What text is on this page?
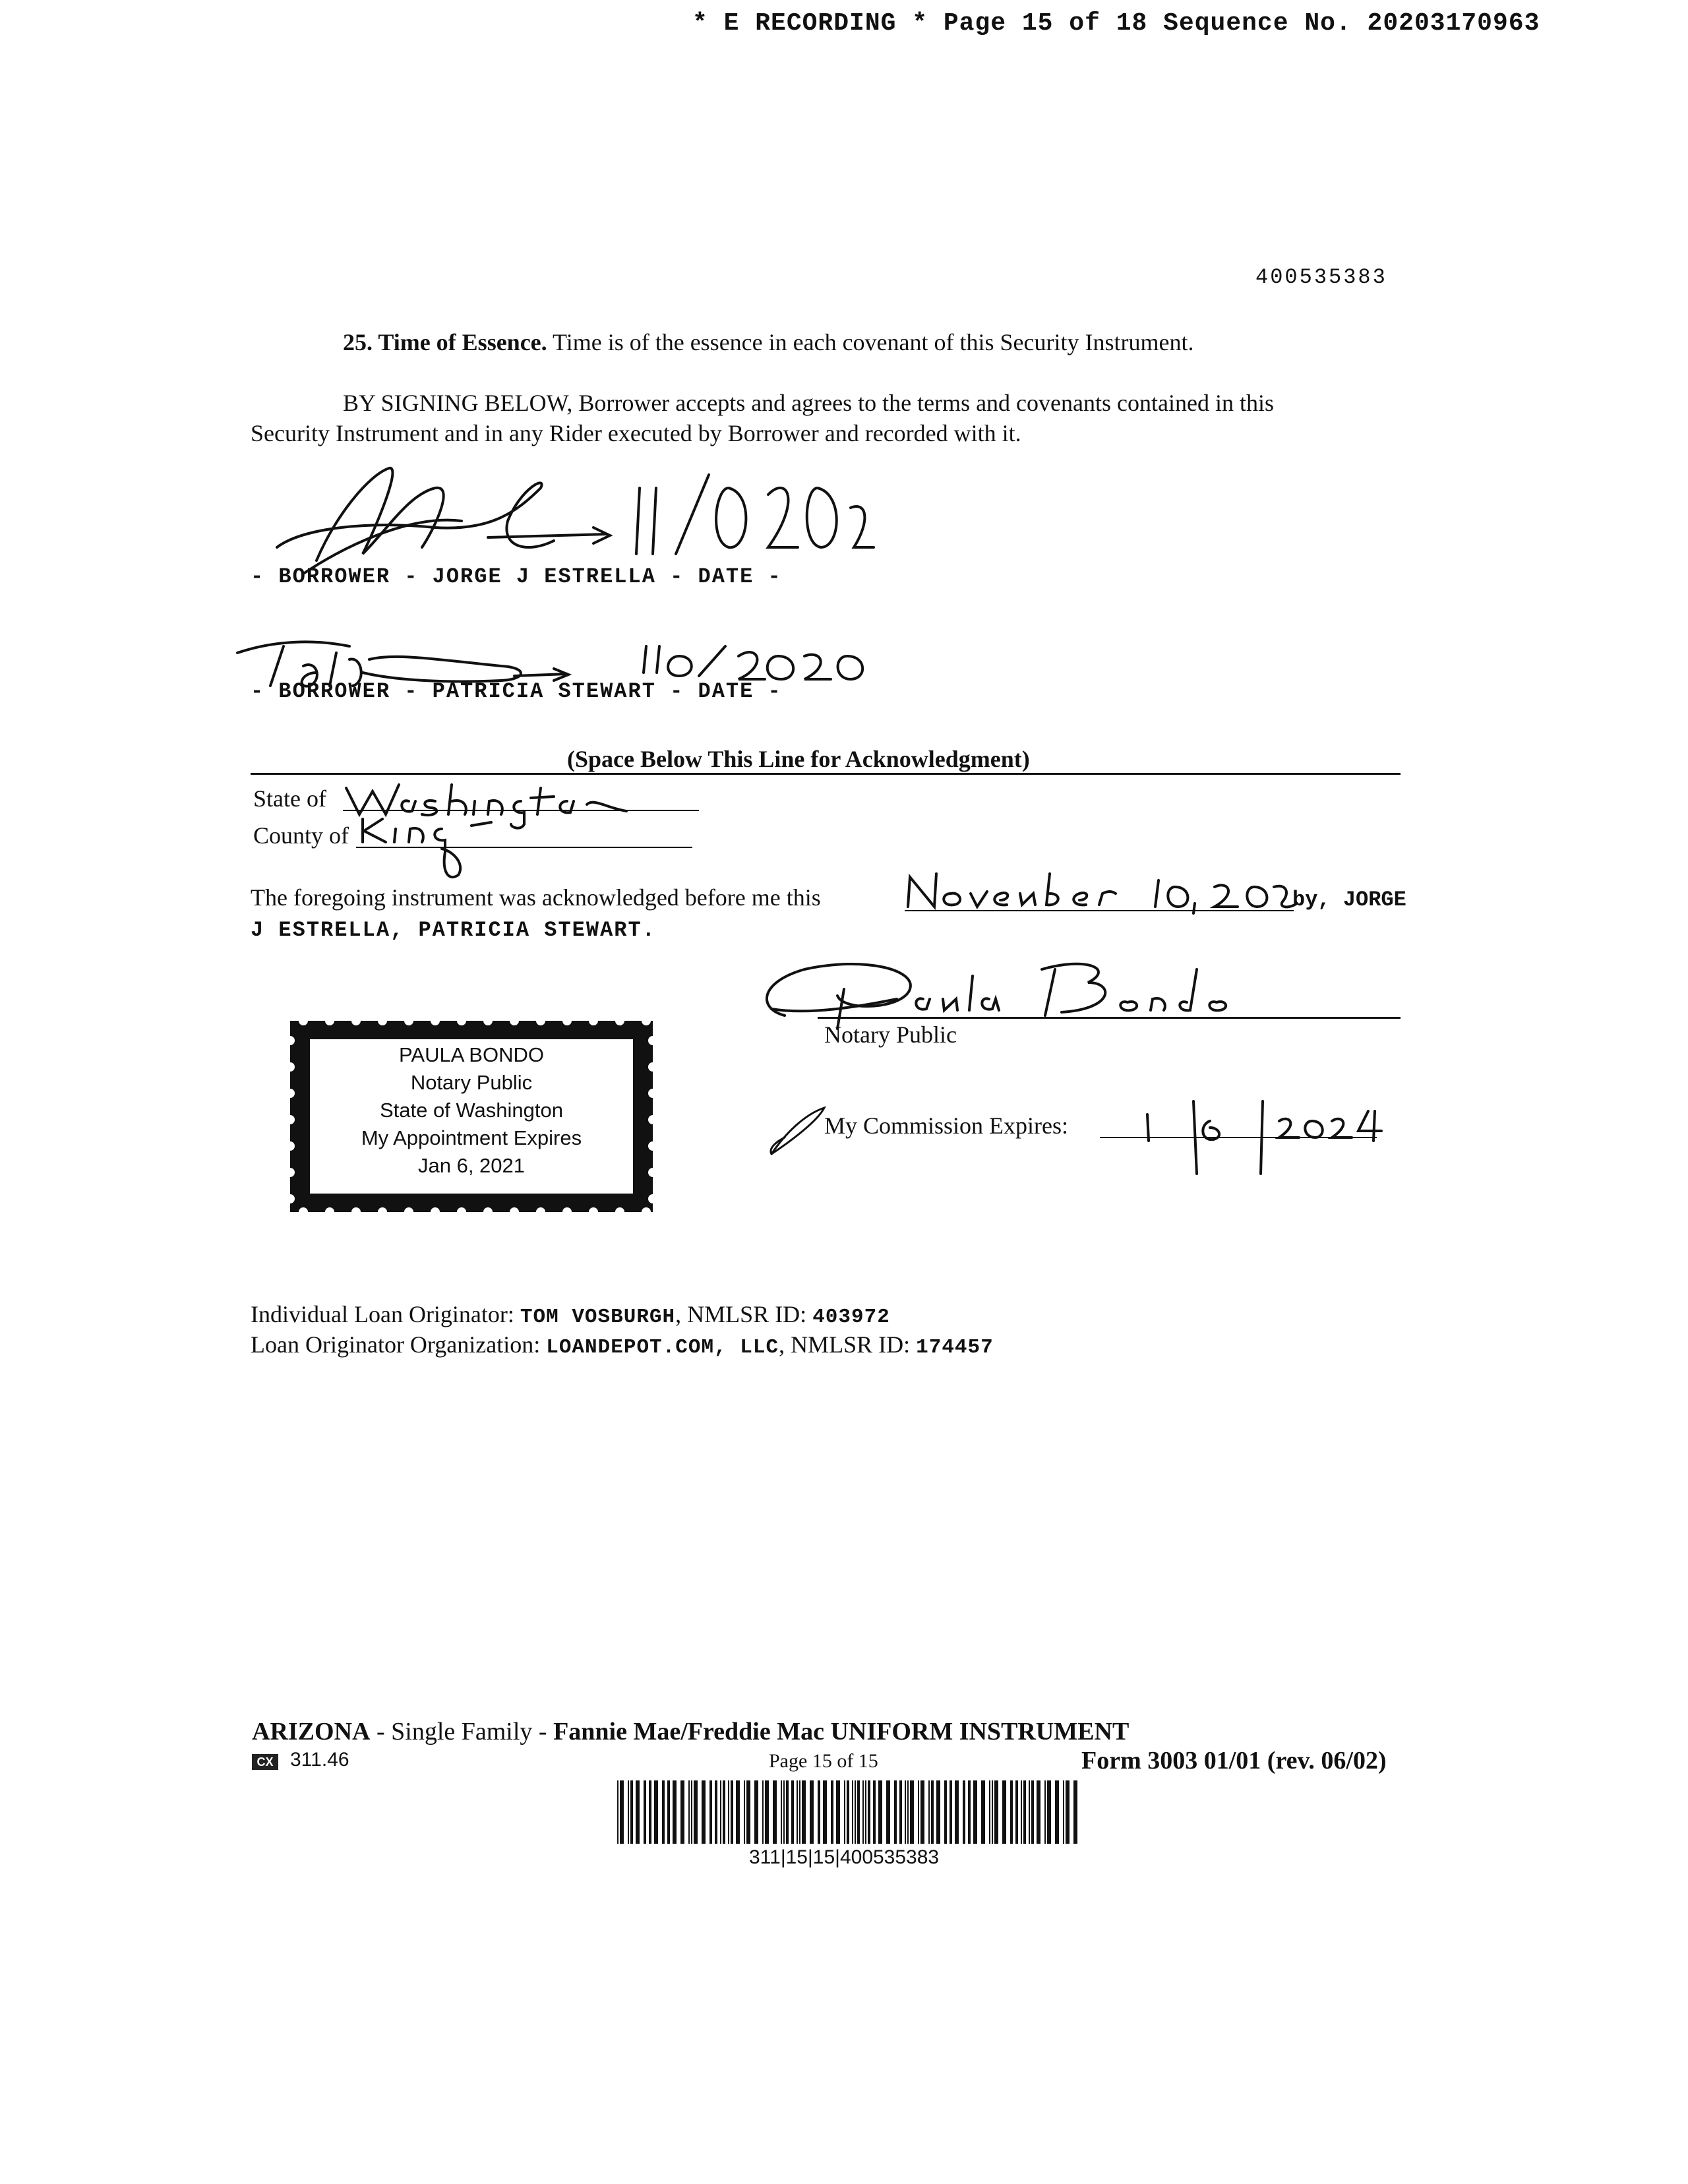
* E RECORDING * Page 15 of 18 Sequence No. 20203170963
400535383
25. Time of Essence. Time is of the essence in each covenant of this Security Instrument.
BY SIGNING BELOW, Borrower accepts and agrees to the terms and covenants contained in this
Security Instrument and in any Rider executed by Borrower and recorded with it.
- BORROWER - JORGE J ESTRELLA - DATE -
- BORROWER - PATRICIA STEWART - DATE -
(Space Below This Line for Acknowledgment)
State of
County of
The foregoing instrument was acknowledged before me this	by, JORGE
J ESTRELLA, PATRICIA STEWART.
Notary Public
My Commission Expires:
PAULA BONDO
Notary Public
State of Washington
My Appointment Expires
Jan 6, 2021
Individual Loan Originator: TOM VOSBURGH, NMLSR ID: 403972
Loan Originator Organization: LOANDEPOT.COM, LLC, NMLSR ID: 174457
ARIZONA - Single Family - Fannie Mae/Freddie Mac UNIFORM INSTRUMENT
CX 311.46	Page 15 of 15	Form 3003 01/01 (rev. 06/02)
311|15|15|400535383
